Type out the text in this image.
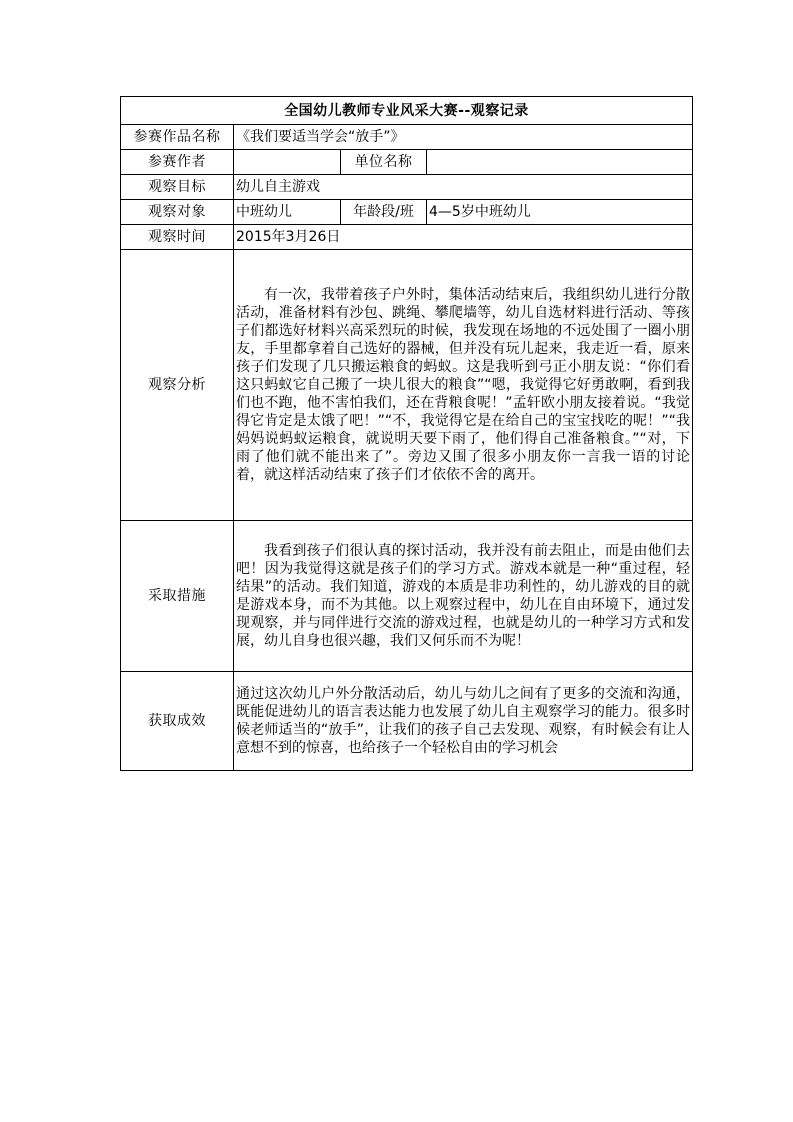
全国幼儿教师专业风采大赛--观察记录			
参赛作品名称	《我们要适当学会“放手”》		
参赛作者		单位名称	
观察目标	幼儿自主游戏		
观察对象	中班幼儿	年龄段/班	4—5岁中班幼儿
观察时间	2015年3月26日		
观察分析	有一次，我带着孩子户外时，集体活动结束后，我组织幼儿进行分散活动，准备材料有沙包、跳绳、攀爬墙等，幼儿自选材料进行活动、等孩子们都选好材料兴高采烈玩的时候，我发现在场地的不远处围了一圈小朋友，手里都拿着自己选好的器械，但并没有玩儿起来，我走近一看，原来孩子们发现了几只搬运粮食的蚂蚁。这是我听到弓正小朋友说：“你们看这只蚂蚁它自己搬了一块儿很大的粮食”“嗯，我觉得它好勇敢啊，看到我们也不跑，他不害怕我们，还在背粮食呢！”孟轩欧小朋友接着说。“我觉得它肯定是太饿了吧！”“不，我觉得它是在给自己的宝宝找吃的呢！”“我妈妈说蚂蚁运粮食，就说明天要下雨了，他们得自己准备粮食。”“对，下雨了他们就不能出来了”。旁边又围了很多小朋友你一言我一语的讨论着，就这样活动结束了孩子们才依依不舍的离开。		

采取措施	我看到孩子们很认真的探讨活动，我并没有前去阻止，而是由他们去吧！因为我觉得这就是孩子们的学习方式。游戏本就是一种“重过程，轻结果”的活动。我们知道，游戏的本质是非功利性的，幼儿游戏的目的就是游戏本身，而不为其他。以上观察过程中，幼儿在自由环境下，通过发现观察，并与同伴进行交流的游戏过程，也就是幼儿的一种学习方式和发展，幼儿自身也很兴趣，我们又何乐而不为呢！		

获取成效	通过这次幼儿户外分散活动后，幼儿与幼儿之间有了更多的交流和沟通，既能促进幼儿的语言表达能力也发展了幼儿自主观察学习的能力。很多时候老师适当的“放手”，让我们的孩子自己去发现、观察，有时候会有让人意想不到的惊喜，也给孩子一个轻松自由的学习机会		
